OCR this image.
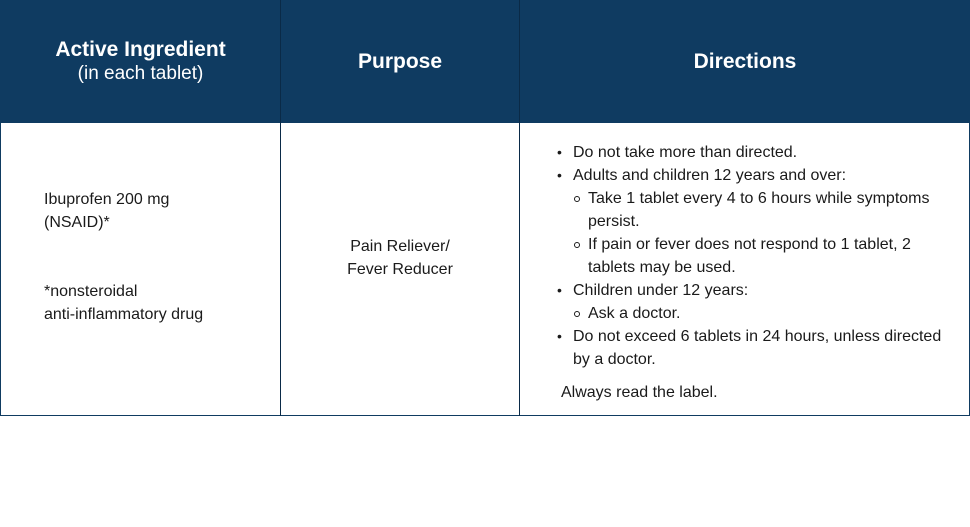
Active Ingredient
(in each tablet)
Purpose	Directions
Ibuprofen 200 mg
(NSAID)*
*nonsteroidal
anti-inflammatory drug
Pain Reliever/
Fever Reducer
• Do not take more than directed.
• Adults and children 12 years and over:
Take 1 tablet every 4 to 6 hours while symptoms persist.
If pain or fever does not respond to 1 tablet, 2 tablets may be used.
• Children under 12 years:
Ask a doctor.
• Do not exceed 6 tablets in 24 hours, unless directed by a doctor.
Always read the label.
